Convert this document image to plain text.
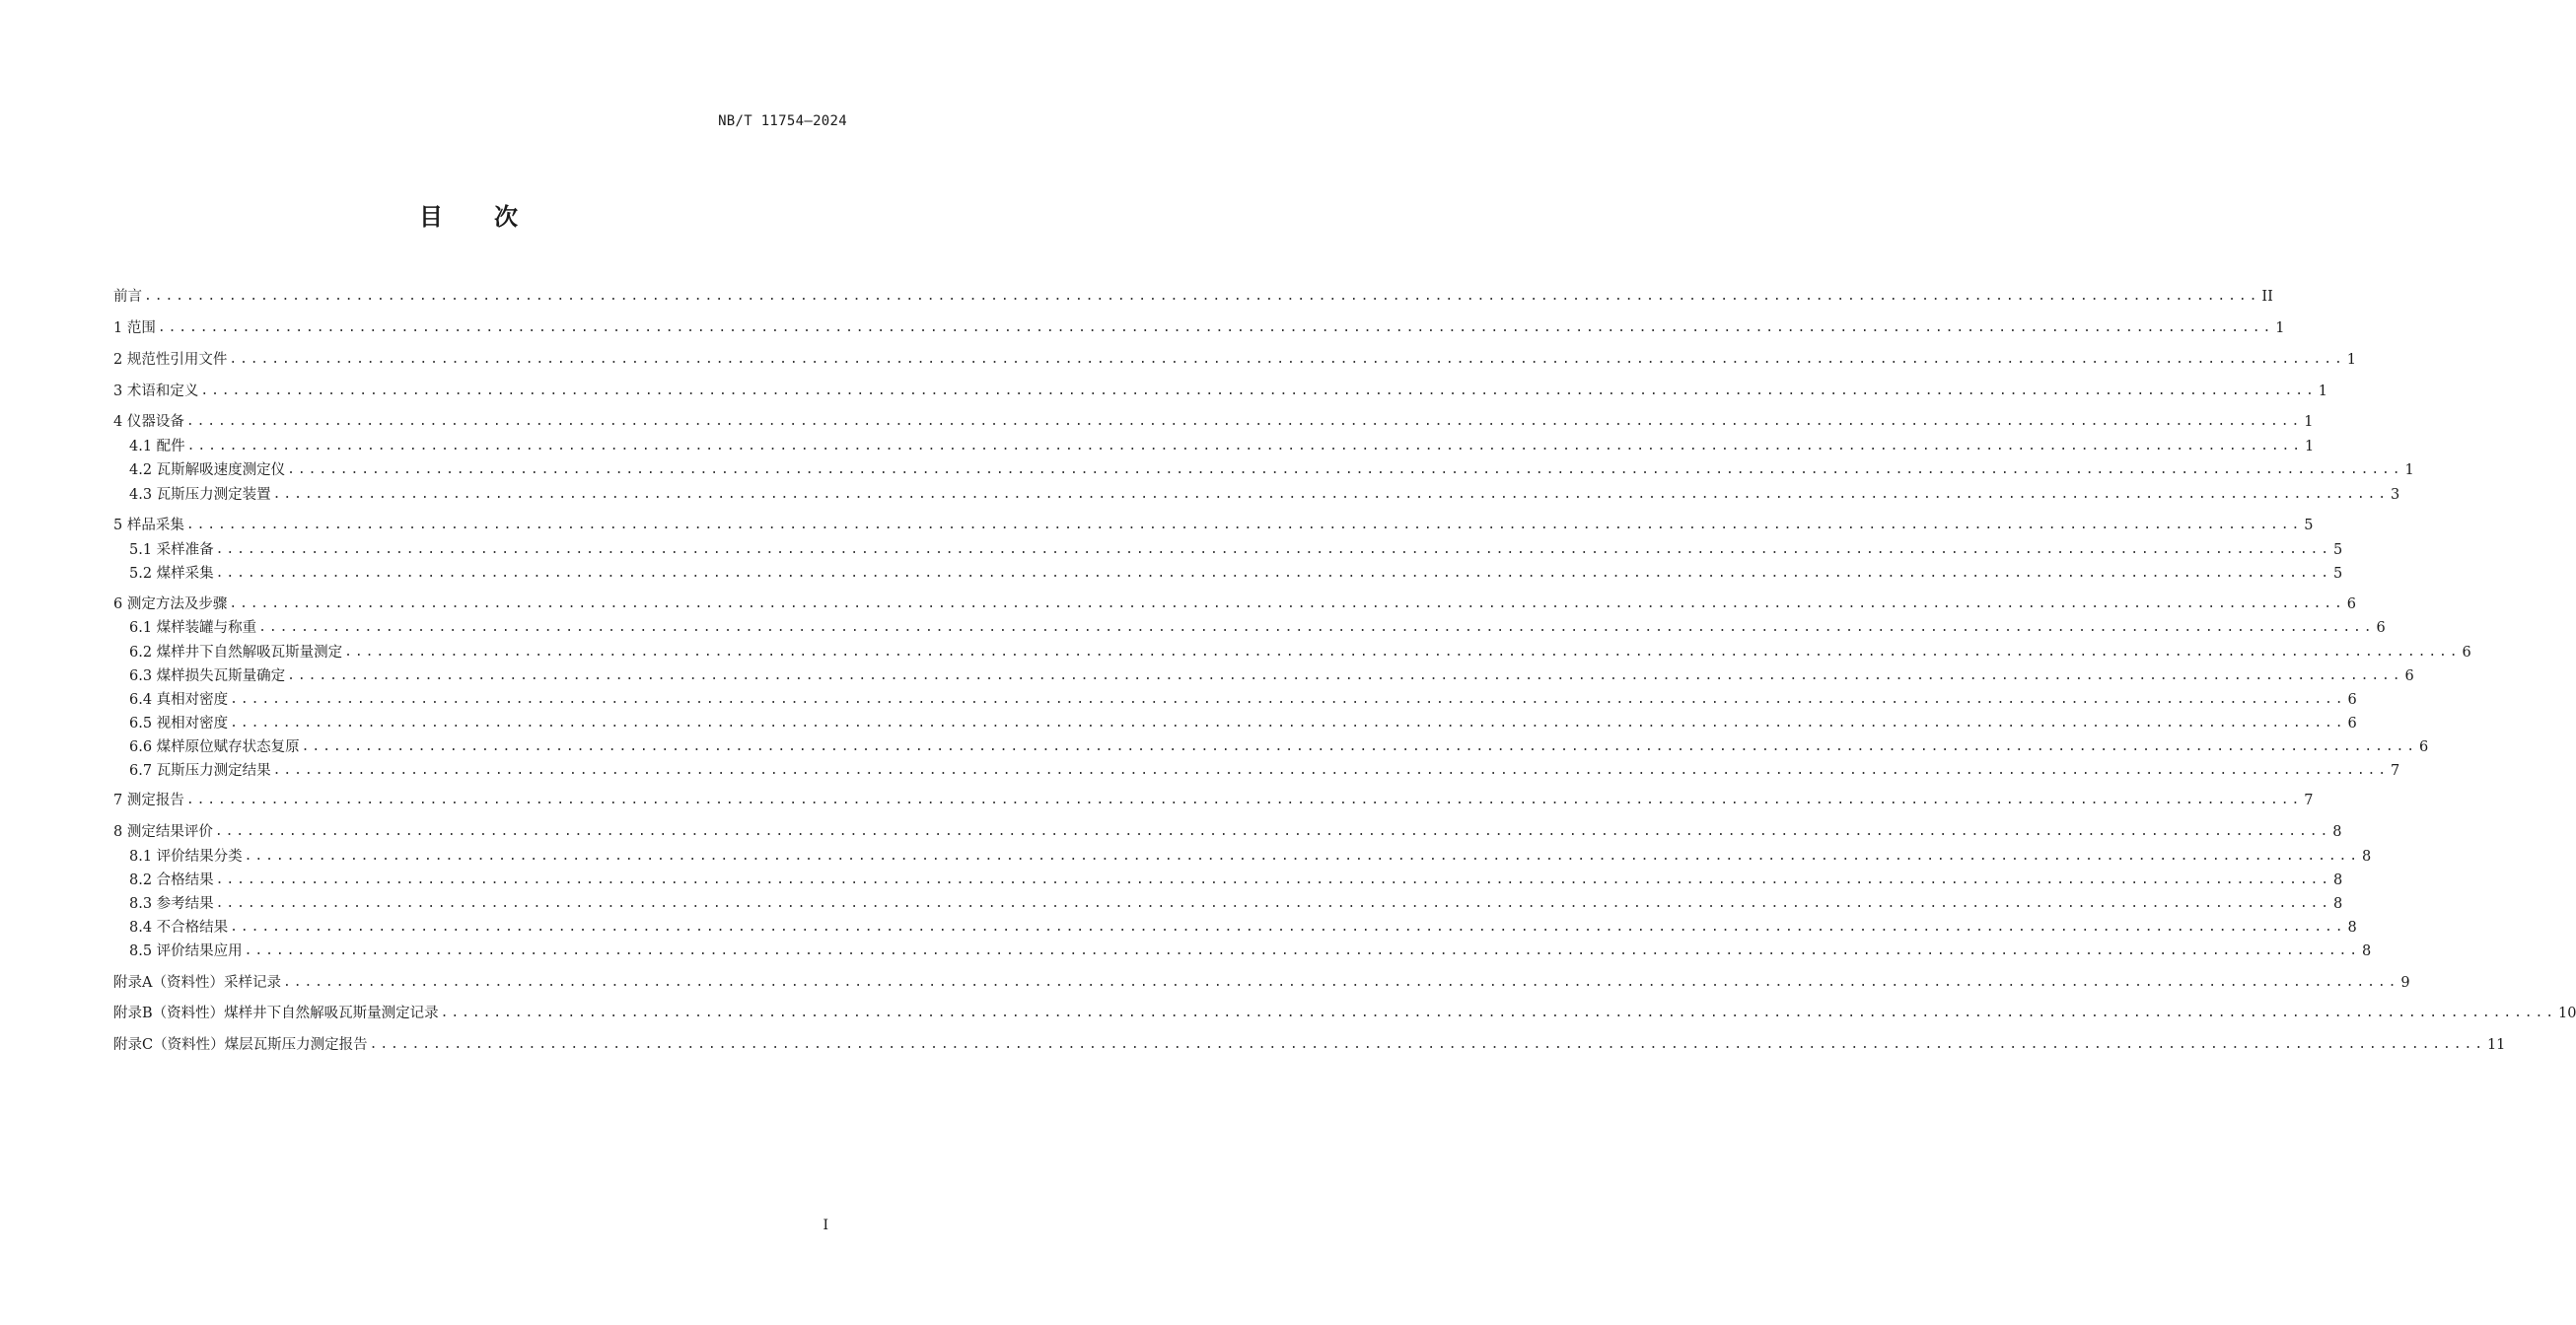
NB/T 11754—2024
目 次
前言 ........................................................................................................................................................................................................ II
1 范围 ........................................................................................................................................................................................................ 1
2 规范性引用文件 ........................................................................................................................................................................................................ 1
3 术语和定义 ........................................................................................................................................................................................................ 1
4 仪器设备 ........................................................................................................................................................................................................ 1
4.1 配件 ........................................................................................................................................................................................................ 1
4.2 瓦斯解吸速度测定仪 ........................................................................................................................................................................................................ 1
4.3 瓦斯压力测定装置 ........................................................................................................................................................................................................ 3
5 样品采集 ........................................................................................................................................................................................................ 5
5.1 采样准备 ........................................................................................................................................................................................................ 5
5.2 煤样采集 ........................................................................................................................................................................................................ 5
6 测定方法及步骤 ........................................................................................................................................................................................................ 6
6.1 煤样装罐与称重 ........................................................................................................................................................................................................ 6
6.2 煤样井下自然解吸瓦斯量测定 ........................................................................................................................................................................................................ 6
6.3 煤样损失瓦斯量确定 ........................................................................................................................................................................................................ 6
6.4 真相对密度 ........................................................................................................................................................................................................ 6
6.5 视相对密度 ........................................................................................................................................................................................................ 6
6.6 煤样原位赋存状态复原 ........................................................................................................................................................................................................ 6
6.7 瓦斯压力测定结果 ........................................................................................................................................................................................................ 7
7 测定报告 ........................................................................................................................................................................................................ 7
8 测定结果评价 ........................................................................................................................................................................................................ 8
8.1 评价结果分类 ........................................................................................................................................................................................................ 8
8.2 合格结果 ........................................................................................................................................................................................................ 8
8.3 参考结果 ........................................................................................................................................................................................................ 8
8.4 不合格结果 ........................................................................................................................................................................................................ 8
8.5 评价结果应用 ........................................................................................................................................................................................................ 8
附录A（资料性）采样记录 ........................................................................................................................................................................................................ 9
附录B（资料性）煤样井下自然解吸瓦斯量测定记录 ........................................................................................................................................................................................................ 10
附录C（资料性）煤层瓦斯压力测定报告 ........................................................................................................................................................................................................ 11
I
